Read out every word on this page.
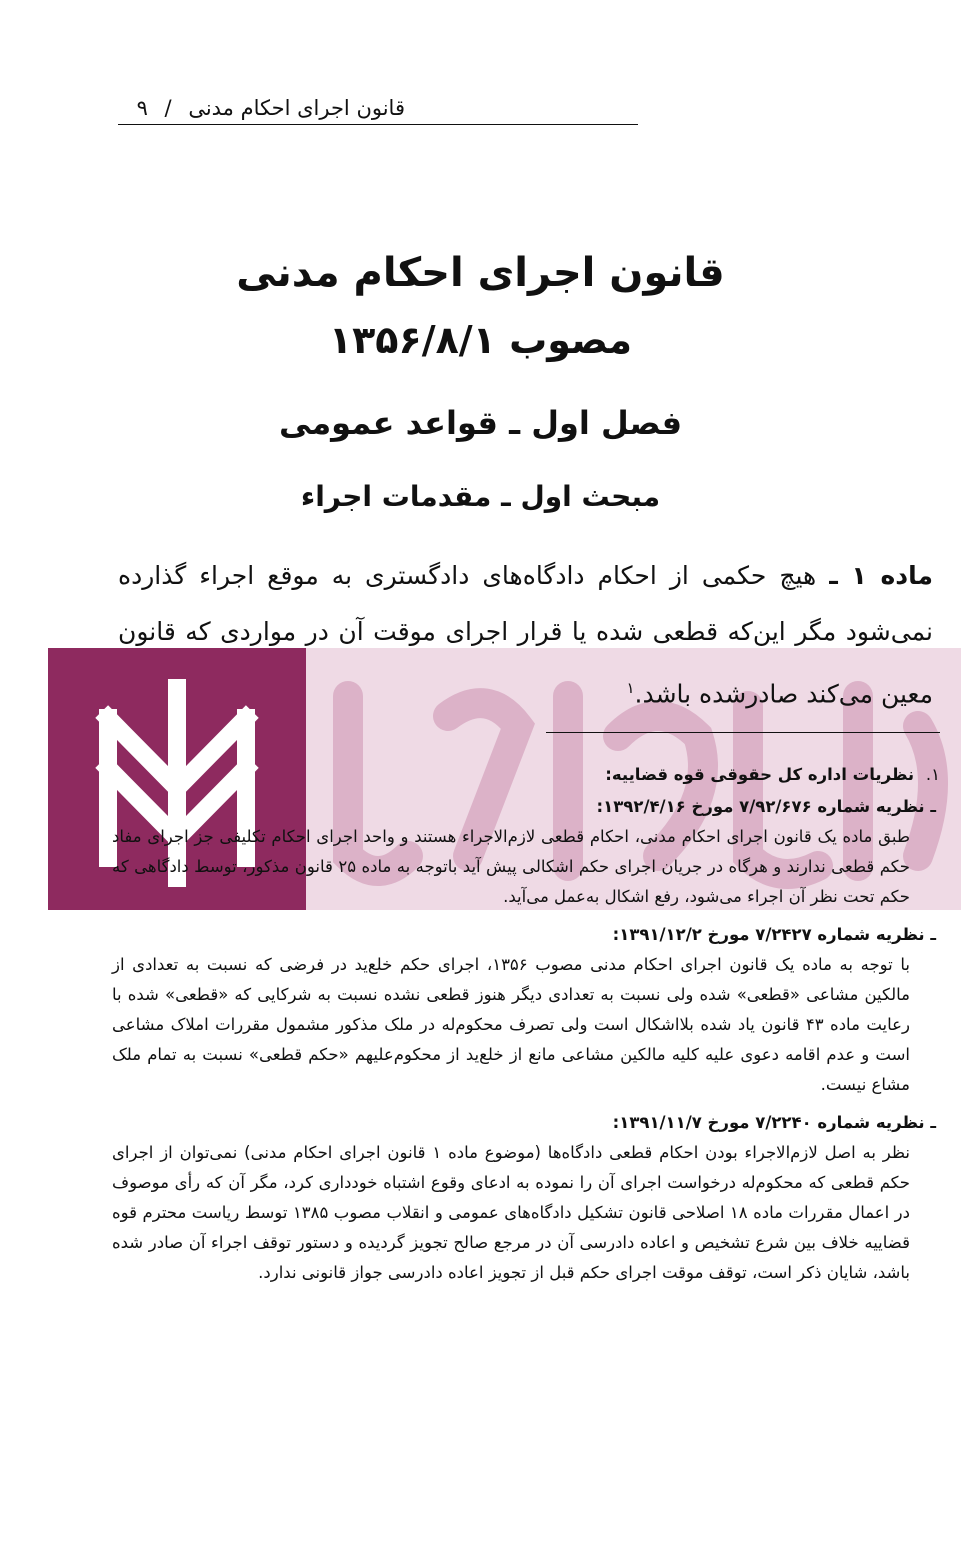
قانون اجرای احکام مدنی / ۹
قانون اجرای احکام مدنی
مصوب ۱۳۵۶/۸/۱
فصل اول ـ قواعد عمومی
مبحث اول ـ مقدمات اجراء
ماده ۱ ـ هیچ حکمی از احکام دادگاه‌های دادگستری به موقع اجراء گذارده نمی‌شود مگر این‌که قطعی شده یا قرار اجرای موقت آن در مواردی که قانون معین می‌کند صادرشده باشد.$^۱$
۱. نظریات اداره کل حقوقی قوه قضاییه:
ـ نظریه شماره ۷/۹۲/۶۷۶ مورخ ۱۳۹۲/۴/۱۶:
طبق ماده یک قانون اجرای احکام مدنی، احکام قطعی لازم‌الاجراء هستند و واحد اجرای احکام تکلیفی جز اجرای مفاد حکم قطعی ندارند و هرگاه در جریان اجرای حکم اشکالی پیش آید باتوجه به ماده ۲۵ قانون مذکور، توسط دادگاهی که حکم تحت نظر آن اجراء می‌شود، رفع اشکال به‌عمل می‌آید.
ـ نظریه شماره ۷/۲۴۲۷ مورخ ۱۳۹۱/۱۲/۲:
با توجه به ماده یک قانون اجرای احکام مدنی مصوب ۱۳۵۶، اجرای حکم خلع‌ید در فرضی که نسبت به تعدادی از مالکین مشاعی «قطعی» شده ولی نسبت به تعدادی دیگر هنوز قطعی نشده نسبت به شرکایی که «قطعی» شده با رعایت ماده ۴۳ قانون یاد شده بلااشکال است ولی تصرف محکوم‌له در ملک مذکور مشمول مقررات املاک مشاعی است و عدم اقامه دعوی علیه کلیه مالکین مشاعی مانع از خلع‌ید از محکوم‌علیهم «حکم قطعی» نسبت به تمام ملک مشاع نیست.
ـ نظریه شماره ۷/۲۲۴۰ مورخ ۱۳۹۱/۱۱/۷:
نظر به اصل لازم‌الاجراء بودن احکام قطعی دادگاه‌ها (موضوع ماده ۱ قانون اجرای احکام مدنی) نمی‌توان از اجرای حکم قطعی که محکوم‌له درخواست اجرای آن را نموده به ادعای وقوع اشتباه خودداری کرد، مگر آن که رأی موصوف در اعمال مقررات ماده ۱۸ اصلاحی قانون تشکیل دادگاه‌های عمومی و انقلاب مصوب ۱۳۸۵ توسط ریاست محترم قوه قضاییه خلاف بین شرع تشخیص و اعاده دادرسی آن در مرجع صالح تجویز گردیده و دستور توقف اجراء آن صادر شده باشد، شایان ذکر است، توقف موقت اجرای حکم قبل از تجویز اعاده دادرسی جواز قانونی ندارد.
